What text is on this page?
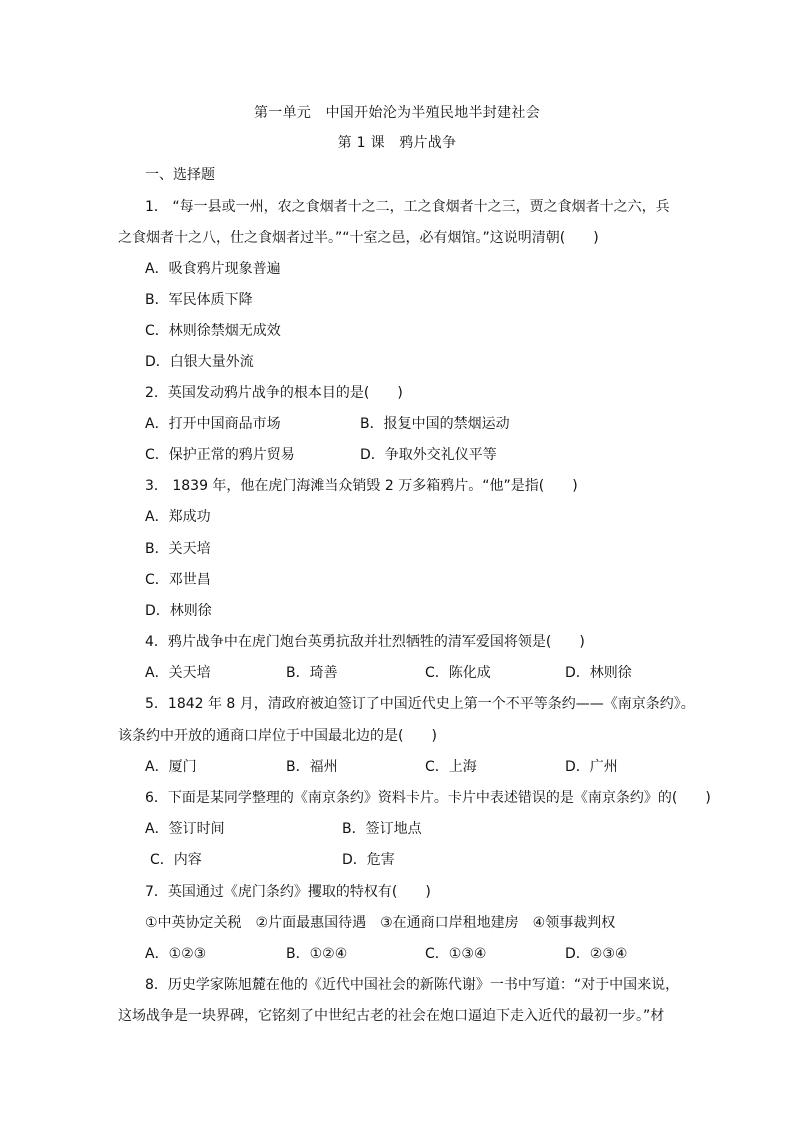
第一单元　中国开始沦为半殖民地半封建社会
第 1 课　鸦片战争
一、选择题
1． “每一县或一州，农之食烟者十之二，工之食烟者十之三，贾之食烟者十之六，兵
之食烟者十之八，仕之食烟者过半。”“十室之邑，必有烟馆。”这说明清朝(　　)
A．吸食鸦片现象普遍
B．军民体质下降
C．林则徐禁烟无成效
D．白银大量外流
2．英国发动鸦片战争的根本目的是(　　)
A．打开中国商品市场	B．报复中国的禁烟运动
C．保护正常的鸦片贸易	D．争取外交礼仪平等
3． 1839 年，他在虎门海滩当众销毁 2 万多箱鸦片。“他”是指(　　)
A．郑成功
B．关天培
C．邓世昌
D．林则徐
4．鸦片战争中在虎门炮台英勇抗敌并壮烈牺牲的清军爱国将领是(　　)
A．关天培	B．琦善	C．陈化成	D．林则徐
5．1842 年 8 月，清政府被迫签订了中国近代史上第一个不平等条约——《南京条约》。
该条约中开放的通商口岸位于中国最北边的是(　　)
A．厦门	B．福州	C．上海	D．广州
6．下面是某同学整理的《南京条约》资料卡片。卡片中表述错误的是《南京条约》的(　　)
A．签订时间	B．签订地点
C．内容	D．危害
7．英国通过《虎门条约》攫取的特权有(　　)
①中英协定关税　②片面最惠国待遇　③在通商口岸租地建房　④领事裁判权
A．①②③	B．①②④	C．①③④	D．②③④
8．历史学家陈旭麓在他的《近代中国社会的新陈代谢》一书中写道：“对于中国来说，
这场战争是一块界碑，它铭刻了中世纪古老的社会在炮口逼迫下走入近代的最初一步。”材
